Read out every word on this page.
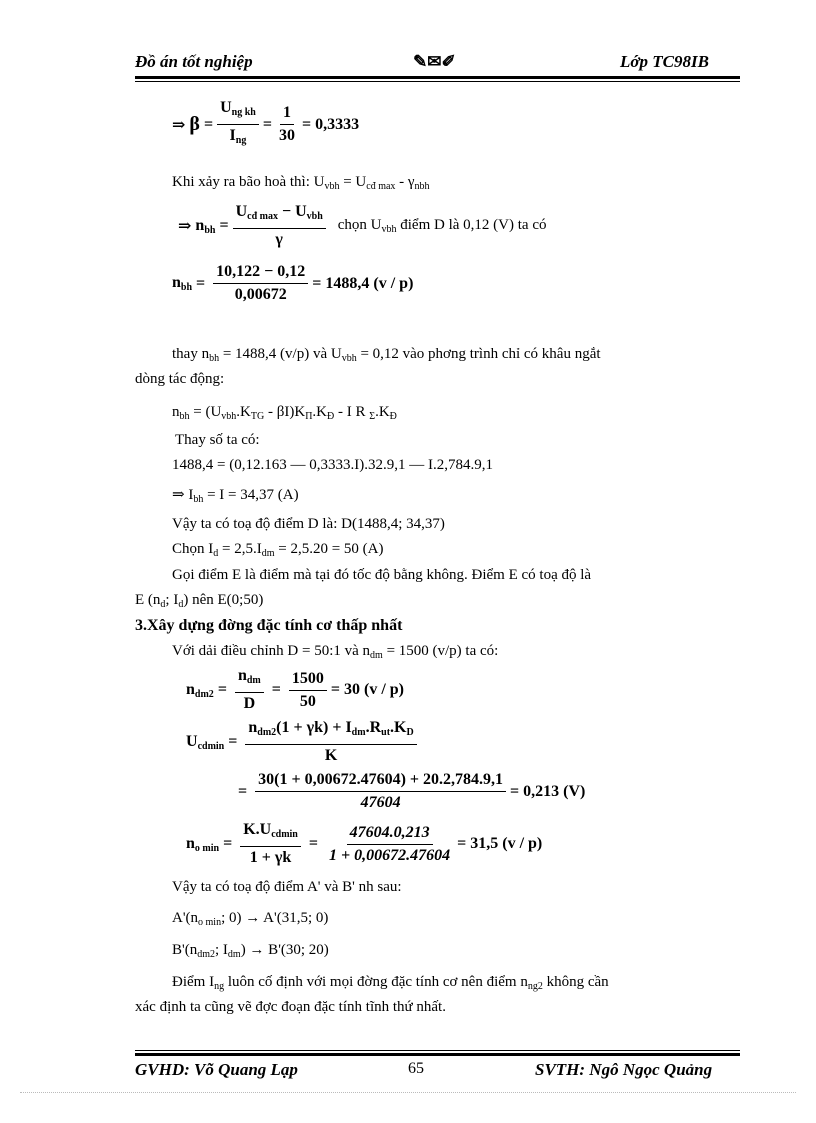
Đồ án tốt nghiệp	✎✉✐	Lớp TC98IB
⇒ $\beta = \frac{U_{ng kh}}{I_{ng}} = \frac{1}{30} = 0,3333$
Khi xảy ra bão hoà thì: $U_{vbh} = U_{cđ max} - \gamma_{nbh}$
⇒ $n_{bh} = \frac{U_{cđ max} - U_{vbh}}{\gamma}$ chọn $U_{vbh}$ điểm D là 0,12 (V) ta có
$n_{bh} = \frac{10,122 - 0,12}{0,00672} = 1488,4$ (v / p)
thay $n_{bh} = 1488,4$ (v/p) và $U_{vbh} = 0,12$ vào phơng trình chỉ có khâu ngắt
dòng tác động:
$n_{bh} = (U_{vbh}.K_{TG} - \beta I)K_\Pi.K_Đ - I$ R $_\Sigma.K_Đ$
Thay số ta có:
1488,4 = (0,12.163 — 0,3333.I).32.9,1 — I.2,784.9,1
⇒ $I_{bh} = I = 34,37$ (A)
Vậy ta có toạ độ điểm D là: D(1488,4; 34,37)
Chọn $I_d = 2,5.I_{dm} = 2,5.20 = 50$ (A)
Gọi điểm E là điểm mà tại đó tốc độ bằng không. Điểm E có toạ độ là
E ($n_d$; $I_d$) nên E(0;50)
3.Xây dựng đờng đặc tính cơ thấp nhất
Với dải điều chỉnh D = 50:1 và $n_{dm} = 1500$ (v/p) ta có:
$n_{dm2} = \frac{n_{dm}}{D} = \frac{1500}{50} = 30$ (v / p)
$U_{cdmin} = \frac{n_{dm2}(1 + \gamma k) + I_{dm}.R_{ut}.K_D}{K}$
= $\frac{30(1 + 0,00672.47604) + 20.2,784.9,1}{47604} = 0,213$ (V)
$n_{o min} = \frac{K.U_{cdmin}}{1 + \gamma k} = \frac{47604.0,213}{1 + 0,00672.47604} = 31,5$ (v / p)
Vậy ta có toạ độ điểm A' và B' nh sau:
$A'(n_{o min}$; 0) → A'(31,5; 0)
$B'(n_{dm2}$; $I_{dm}) \to B'(30$; 20)
Điểm $I_{ng}$ luôn cố định với mọi đờng đặc tính cơ nên điểm $n_{ng2}$ không cần
xác định ta cũng vẽ đợc đoạn đặc tính tĩnh thứ nhất.
GVHD: Võ Quang Lạp	65	SVTH: Ngô Ngọc Quảng
